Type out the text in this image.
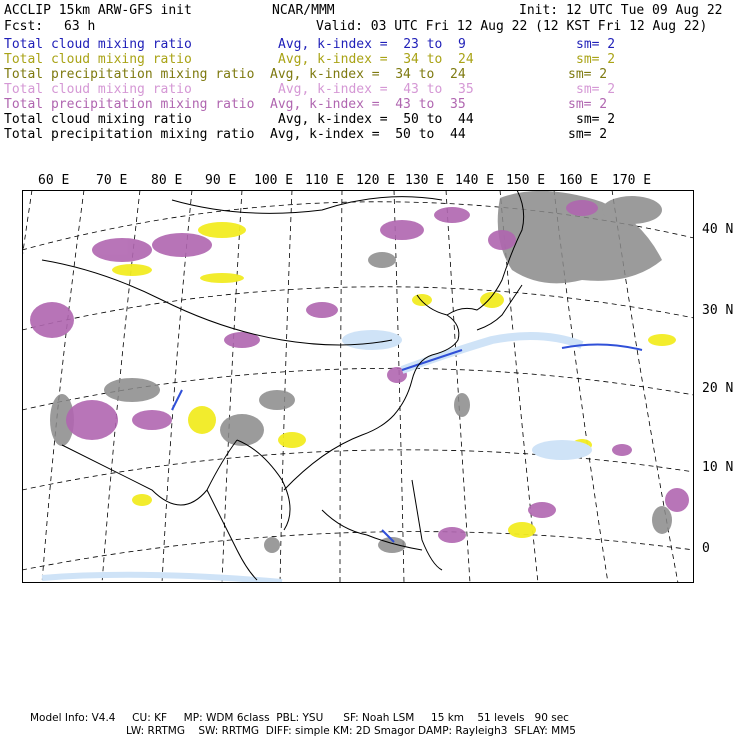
ACCLIP 15km ARW-GFS init	NCAR/MMM	Init: 12 UTC Tue 09 Aug 22
Fcst: 63 h	Valid: 03 UTC Fri 12 Aug 22 (12 KST Fri 12 Aug 22)
Total cloud mixing ratio	Avg, k-index =  23 to  9	sm= 2
Total cloud mixing ratio	Avg, k-index =  34 to  24	sm= 2
Total precipitation mixing ratio Avg, k-index =  34 to  24	sm= 2
Total cloud mixing ratio	Avg, k-index =  43 to  35	sm= 2
Total precipitation mixing ratio Avg, k-index =  43 to  35	sm= 2
Total cloud mixing ratio	Avg, k-index =  50 to  44	sm= 2
Total precipitation mixing ratio Avg, k-index =  50 to  44	sm= 2
60 E 70 E 80 E 90 E 100 E 110 E 120 E 130 E 140 E 150 E 160 E 170 E
40 N
30 N
20 N
10 N
0
Model Info: V4.4     CU: KF     MP: WDM 6class  PBL: YSU      SF: Noah LSM     15 km    51 levels   90 sec
LW: RRTMG    SW: RRTMG  DIFF: simple KM: 2D Smagor DAMP: Rayleigh3  SFLAY: MM5
